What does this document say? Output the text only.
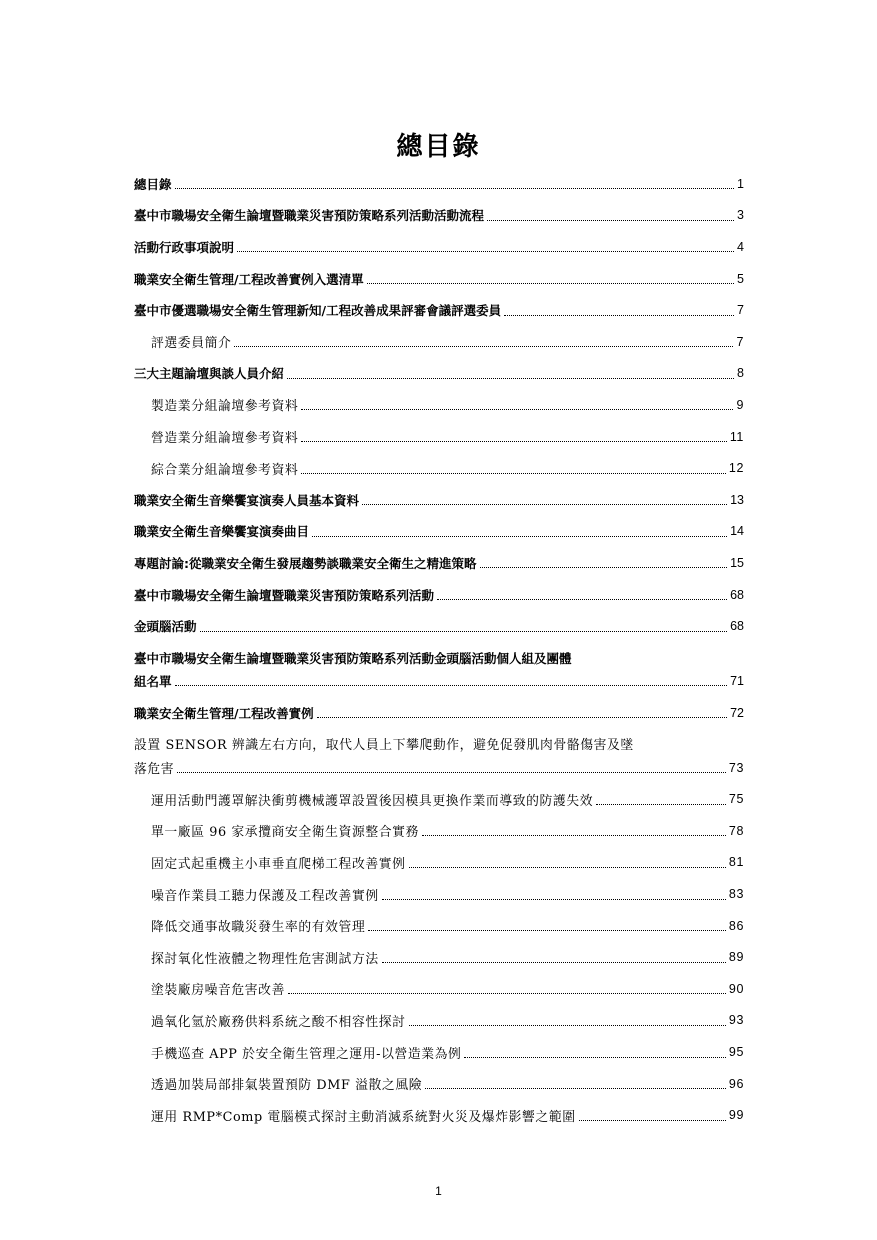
總目錄
總目錄	1
臺中市職場安全衛生論壇暨職業災害預防策略系列活動活動流程	3
活動行政事項說明	4
職業安全衛生管理/工程改善實例入選清單	5
臺中市優選職場安全衛生管理新知/工程改善成果評審會議評選委員	7
評選委員簡介	7
三大主題論壇與談人員介紹	8
製造業分組論壇參考資料	9
營造業分組論壇參考資料	11
綜合業分組論壇參考資料	12
職業安全衛生音樂饗宴演奏人員基本資料	13
職業安全衛生音樂饗宴演奏曲目	14
專題討論:從職業安全衛生發展趨勢談職業安全衛生之精進策略	15
臺中市職場安全衛生論壇暨職業災害預防策略系列活動	68
金頭腦活動	68
臺中市職場安全衛生論壇暨職業災害預防策略系列活動金頭腦活動個人組及團體
組名單	71
職業安全衛生管理/工程改善實例	72
設置 SENSOR 辨識左右方向，取代人員上下攀爬動作，避免促發肌肉骨骼傷害及墜
落危害	73
運用活動門護罩解決衝剪機械護罩設置後因模具更換作業而導致的防護失效	75
單一廠區 96 家承攬商安全衛生資源整合實務	78
固定式起重機主小車垂直爬梯工程改善實例	81
噪音作業員工聽力保護及工程改善實例	83
降低交通事故職災發生率的有效管理	86
探討氧化性液體之物理性危害測試方法	89
塗裝廠房噪音危害改善	90
過氧化氫於廠務供料系統之酸不相容性探討	93
手機巡查 APP 於安全衛生管理之運用-以營造業為例	95
透過加裝局部排氣裝置預防 DMF 溢散之風險	96
運用 RMP*Comp 電腦模式探討主動消滅系統對火災及爆炸影響之範圍	99
1
